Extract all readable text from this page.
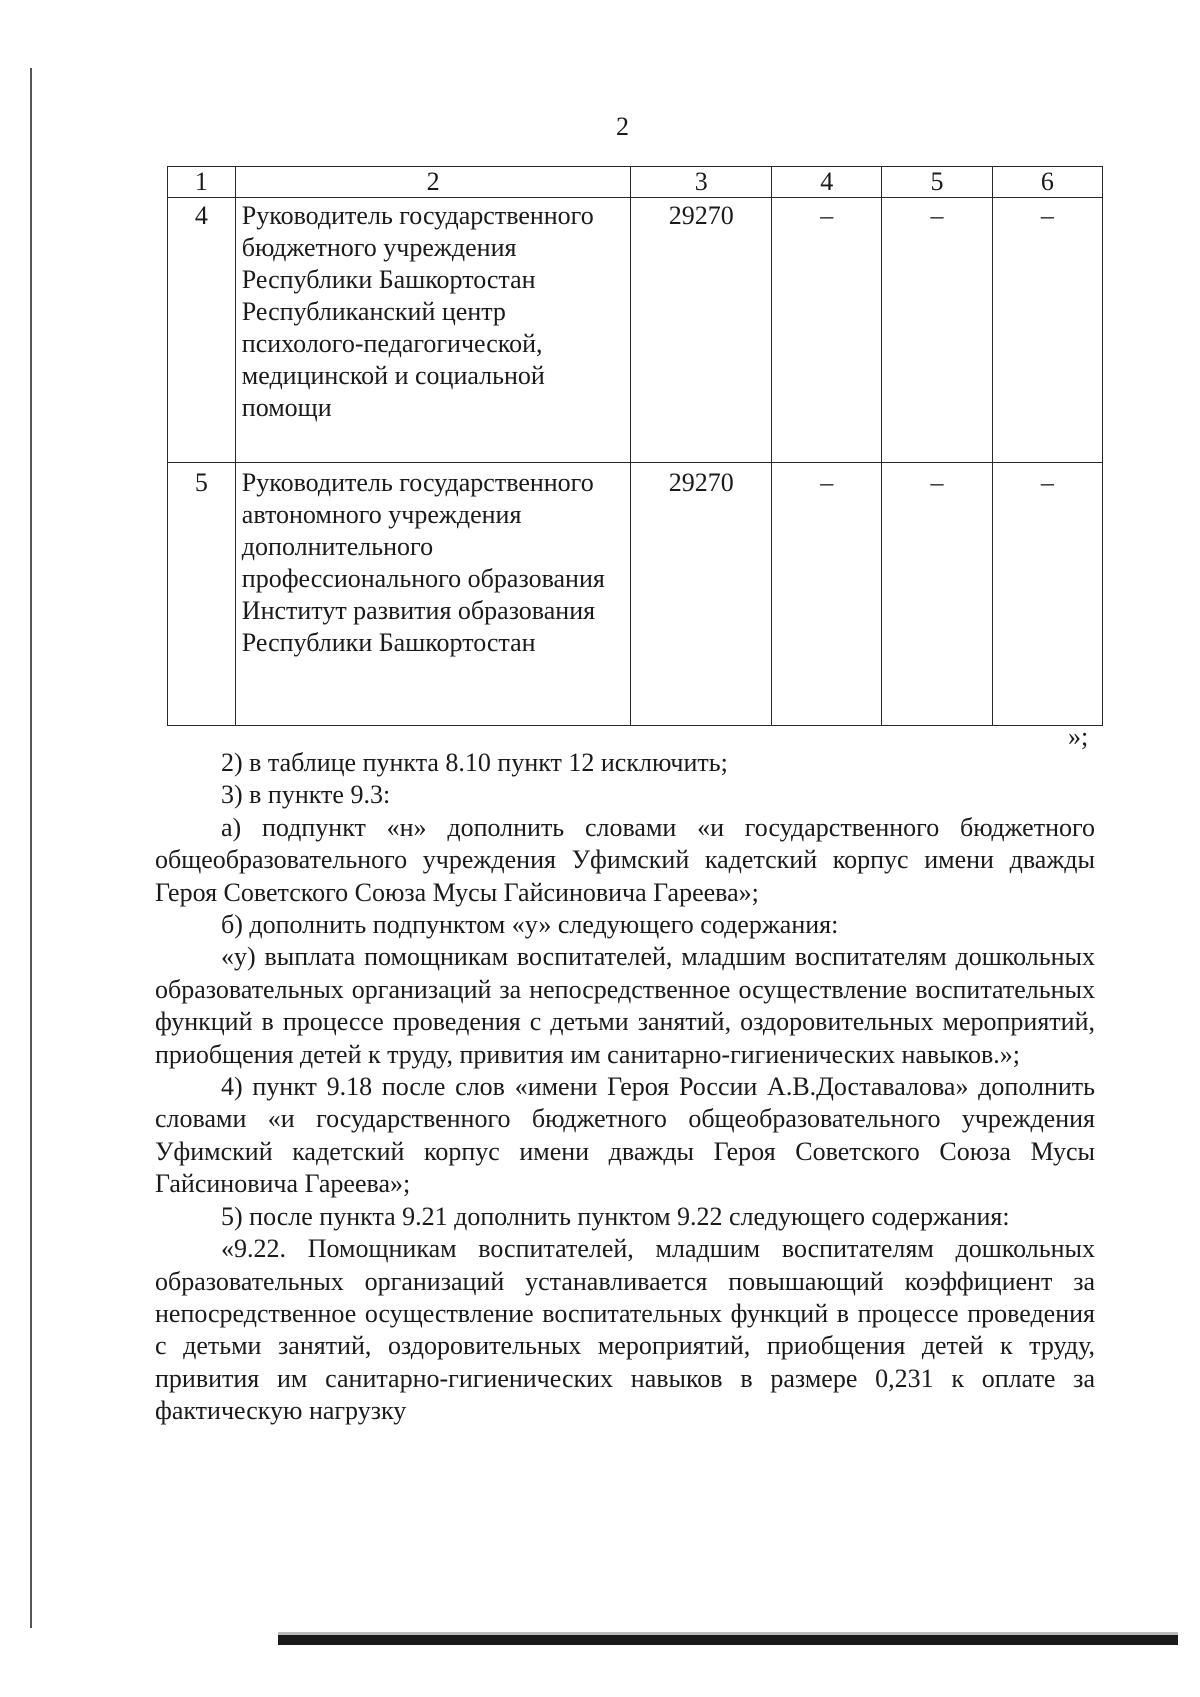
2
1	2	3	4	5	6
4	Руководитель государственного бюджетного учреждения Республики Башкортостан Республиканский центр психолого-педагогической, медицинской и социальной помощи	29270	–	–	–
5	Руководитель государственного автономного учреждения дополнительного профессионального образования Институт развития образования Республики Башкортостан	29270	–	–	–
»;

2) в таблице пункта 8.10 пункт 12 исключить;

3) в пункте 9.3:

а) подпункт «н» дополнить словами «и государственного бюджетного общеобразовательного учреждения Уфимский кадетский корпус имени дважды Героя Советского Союза Мусы Гайсиновича Гареева»;

б) дополнить подпунктом «у» следующего содержания:

«у) выплата помощникам воспитателей, младшим воспитателям дошкольных образовательных организаций за непосредственное осуществление воспитательных функций в процессе проведения с детьми занятий, оздоровительных мероприятий, приобщения детей к труду, привития им санитарно-гигиенических навыков.»;

4) пункт 9.18 после слов «имени Героя России А.В.Доставалова» дополнить словами «и государственного бюджетного общеобразовательного учреждения Уфимский кадетский корпус имени дважды Героя Советского Союза Мусы Гайсиновича Гареева»;

5) после пункта 9.21 дополнить пунктом 9.22 следующего содержания:

«9.22. Помощникам воспитателей, младшим воспитателям дошкольных образовательных организаций устанавливается повышающий коэффициент за непосредственное осуществление воспитательных функций в процессе проведения с детьми занятий, оздоровительных мероприятий, приобщения детей к труду, привития им санитарно-гигиенических навыков в размере 0,231 к оплате за фактическую нагрузку
